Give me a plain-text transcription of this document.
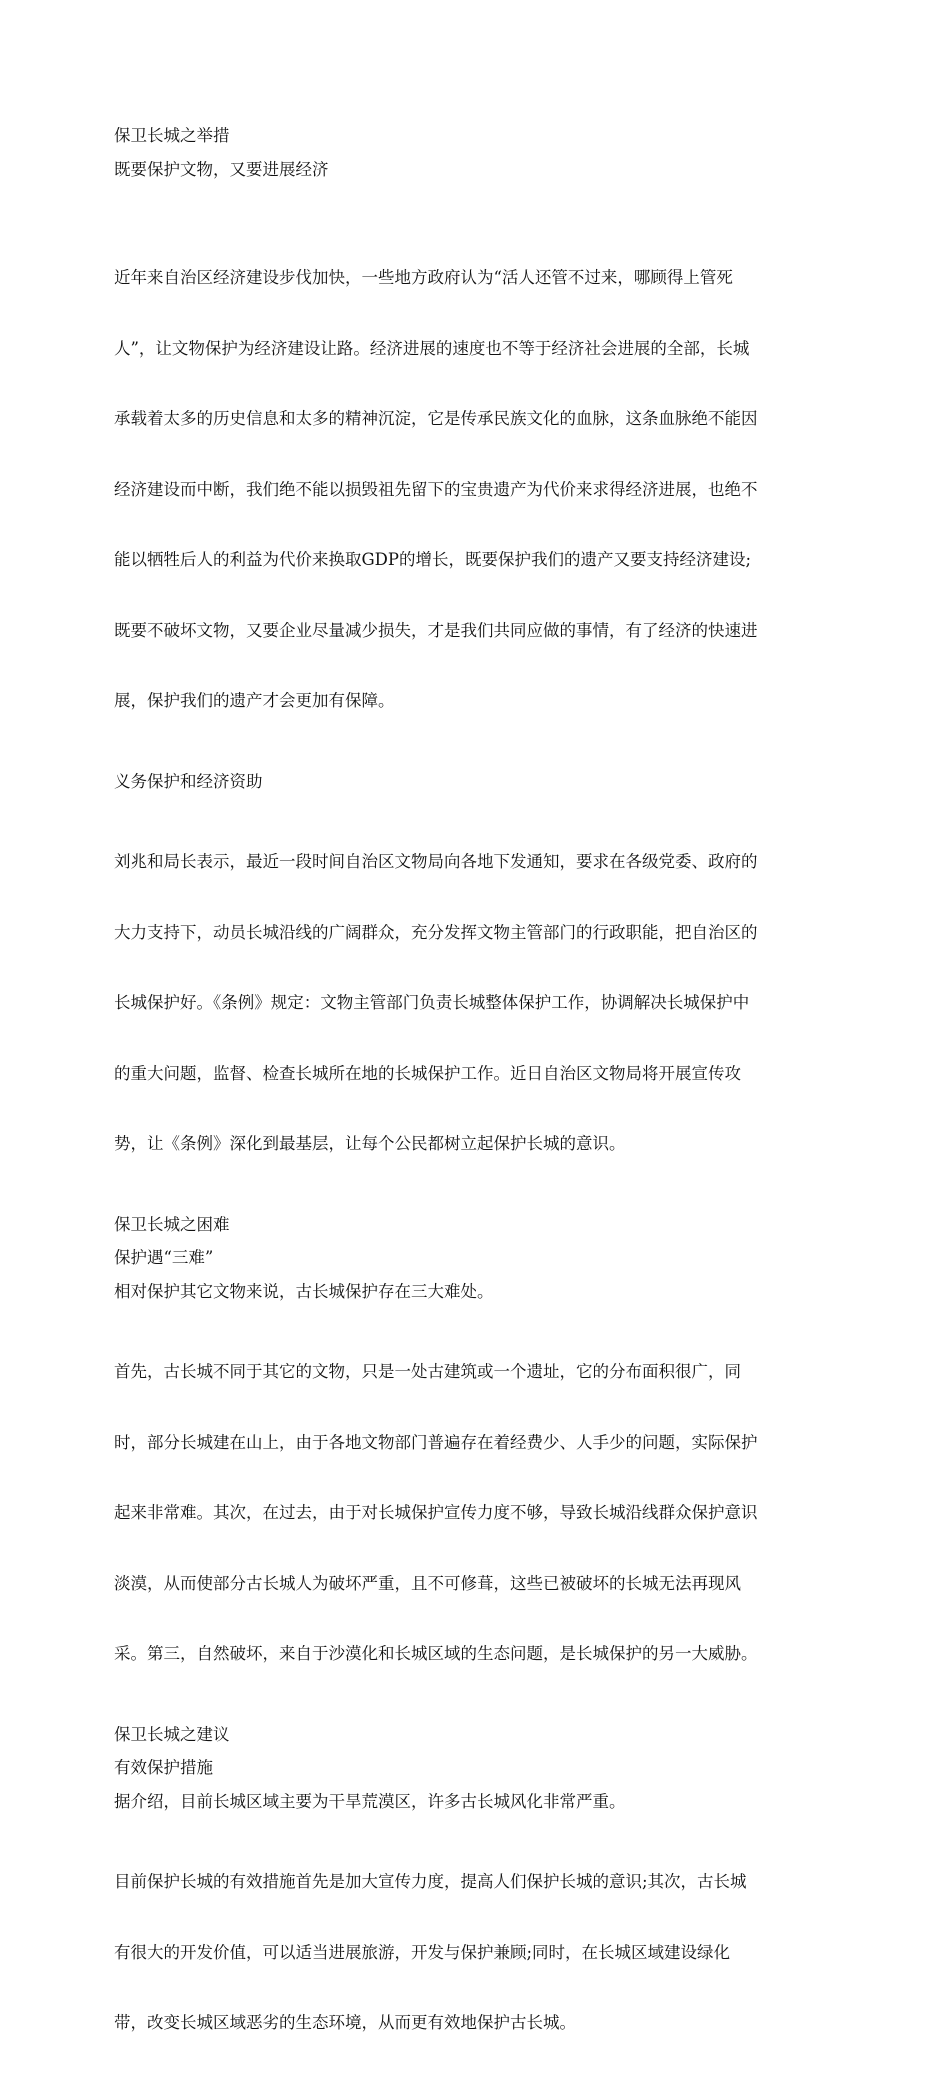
保卫长城之举措

既要保护文物，又要进展经济

近年来自治区经济建设步伐加快，一些地方政府认为“活人还管不过来，哪顾得上管死

人”，让文物保护为经济建设让路。经济进展的速度也不等于经济社会进展的全部，长城

承载着太多的历史信息和太多的精神沉淀，它是传承民族文化的血脉，这条血脉绝不能因

经济建设而中断，我们绝不能以损毁祖先留下的宝贵遗产为代价来求得经济进展，也绝不

能以牺牲后人的利益为代价来换取GDP的增长，既要保护我们的遗产又要支持经济建设;

既要不破坏文物，又要企业尽量减少损失，才是我们共同应做的事情，有了经济的快速进

展，保护我们的遗产才会更加有保障。

义务保护和经济资助

刘兆和局长表示，最近一段时间自治区文物局向各地下发通知，要求在各级党委、政府的

大力支持下，动员长城沿线的广阔群众，充分发挥文物主管部门的行政职能，把自治区的

长城保护好。《条例》规定：文物主管部门负责长城整体保护工作，协调解决长城保护中

的重大问题，监督、检查长城所在地的长城保护工作。近日自治区文物局将开展宣传攻

势，让《条例》深化到最基层，让每个公民都树立起保护长城的意识。

保卫长城之困难

保护遇“三难”

相对保护其它文物来说，古长城保护存在三大难处。

首先，古长城不同于其它的文物，只是一处古建筑或一个遗址，它的分布面积很广，同

时，部分长城建在山上，由于各地文物部门普遍存在着经费少、人手少的问题，实际保护

起来非常难。其次，在过去，由于对长城保护宣传力度不够，导致长城沿线群众保护意识

淡漠，从而使部分古长城人为破坏严重，且不可修葺，这些已被破坏的长城无法再现风

采。第三，自然破坏，来自于沙漠化和长城区域的生态问题，是长城保护的另一大威胁。

保卫长城之建议

有效保护措施

据介绍，目前长城区域主要为干旱荒漠区，许多古长城风化非常严重。

目前保护长城的有效措施首先是加大宣传力度，提高人们保护长城的意识;其次，古长城

有很大的开发价值，可以适当进展旅游，开发与保护兼顾;同时，在长城区域建设绿化

带，改变长城区域恶劣的生态环境，从而更有效地保护古长城。
